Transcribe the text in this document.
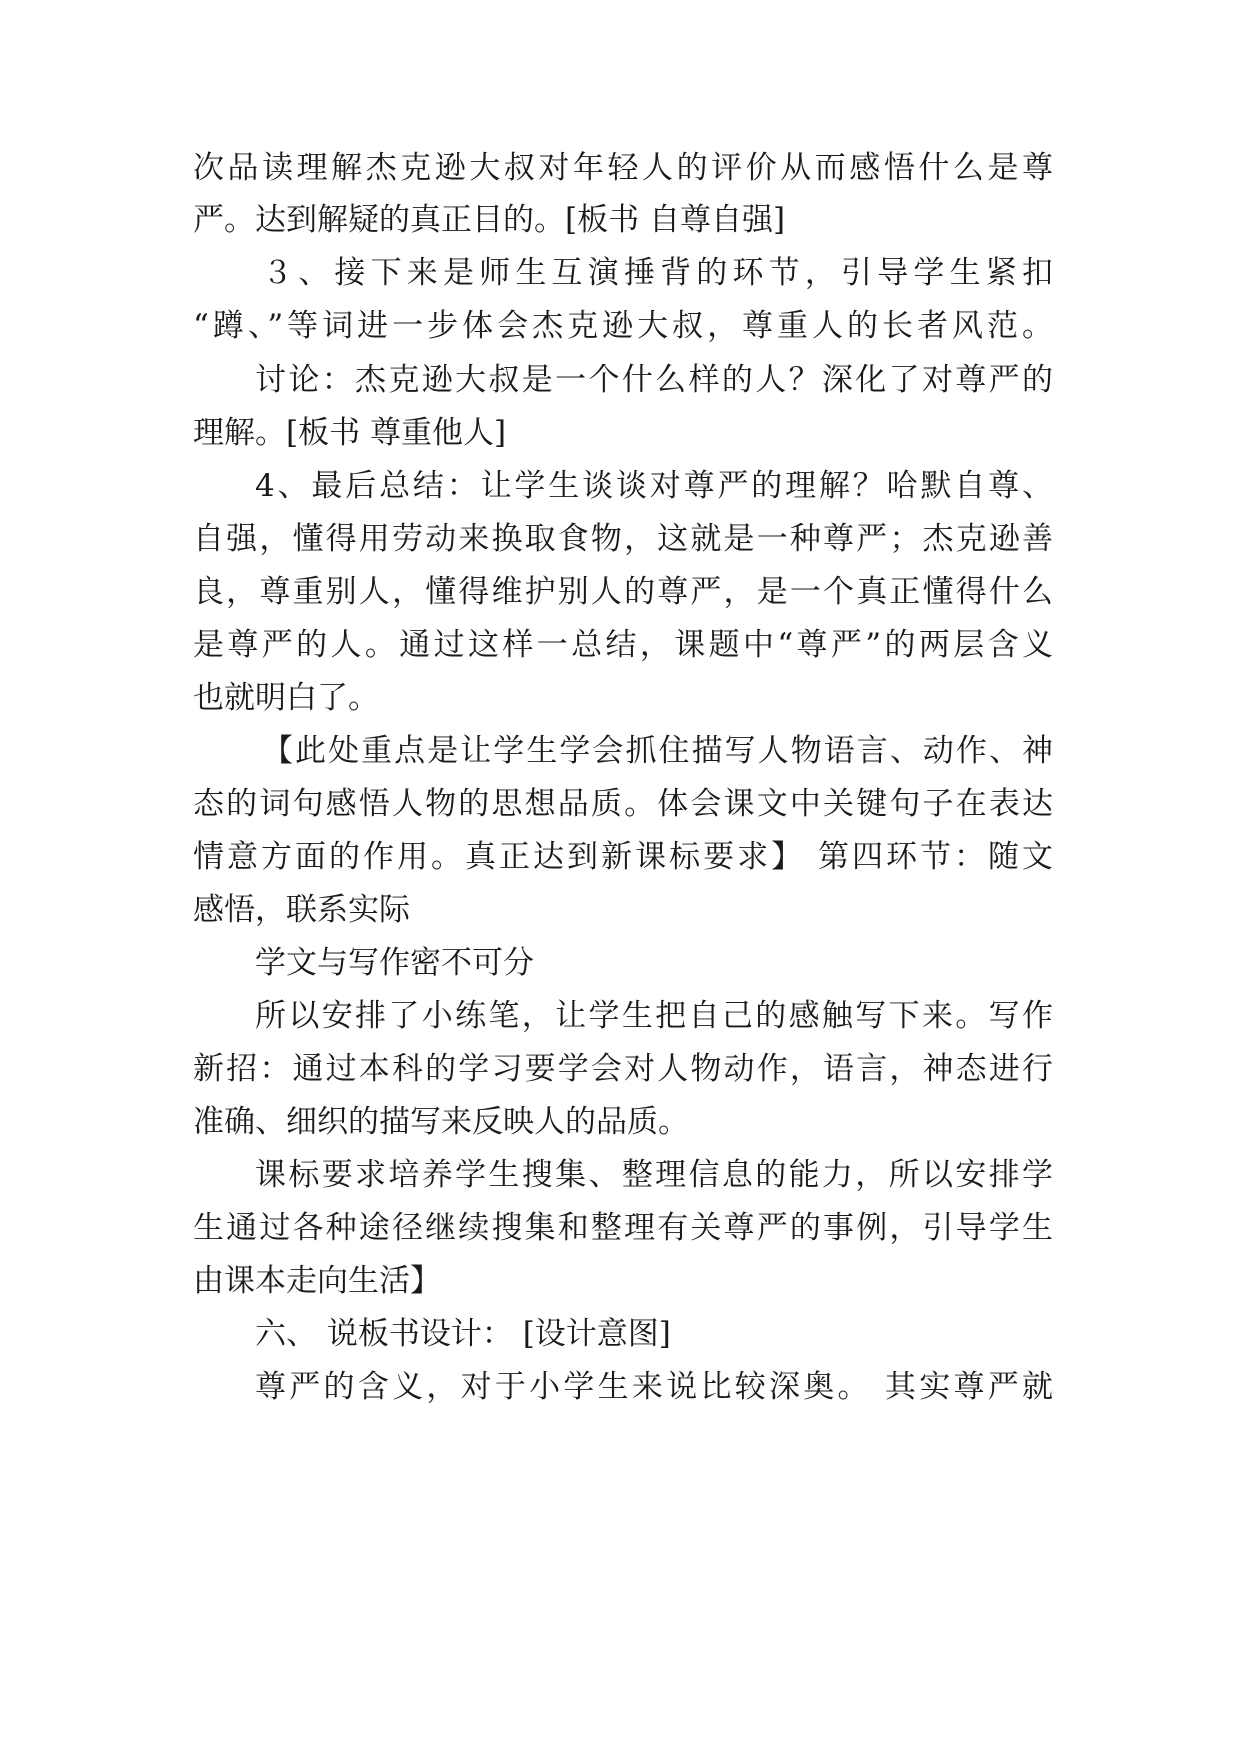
次品读理解杰克逊大叔对年轻人的评价从而感悟什么是尊
严。达到解疑的真正目的。[板书 自尊自强]
３、接下来是师生互演捶背的环节，引导学生紧扣
“蹲、”等词进一步体会杰克逊大叔，尊重人的长者风范。
讨论：杰克逊大叔是一个什么样的人？深化了对尊严的
理解。[板书 尊重他人]
4、最后总结：让学生谈谈对尊严的理解？哈默自尊、
自强，懂得用劳动来换取食物，这就是一种尊严；杰克逊善
良，尊重别人，懂得维护别人的尊严，是一个真正懂得什么
是尊严的人。通过这样一总结，课题中“尊严”的两层含义
也就明白了。
【此处重点是让学生学会抓住描写人物语言、动作、神
态的词句感悟人物的思想品质。体会课文中关键句子在表达
情意方面的作用。真正达到新课标要求】 第四环节：随文
感悟，联系实际
学文与写作密不可分
所以安排了小练笔，让学生把自己的感触写下来。写作
新招：通过本科的学习要学会对人物动作，语言，神态进行
准确、细织的描写来反映人的品质。
课标要求培养学生搜集、整理信息的能力，所以安排学
生通过各种途径继续搜集和整理有关尊严的事例，引导学生
由课本走向生活】
六、 说板书设计： [设计意图]
尊严的含义，对于小学生来说比较深奥。 其实尊严就
